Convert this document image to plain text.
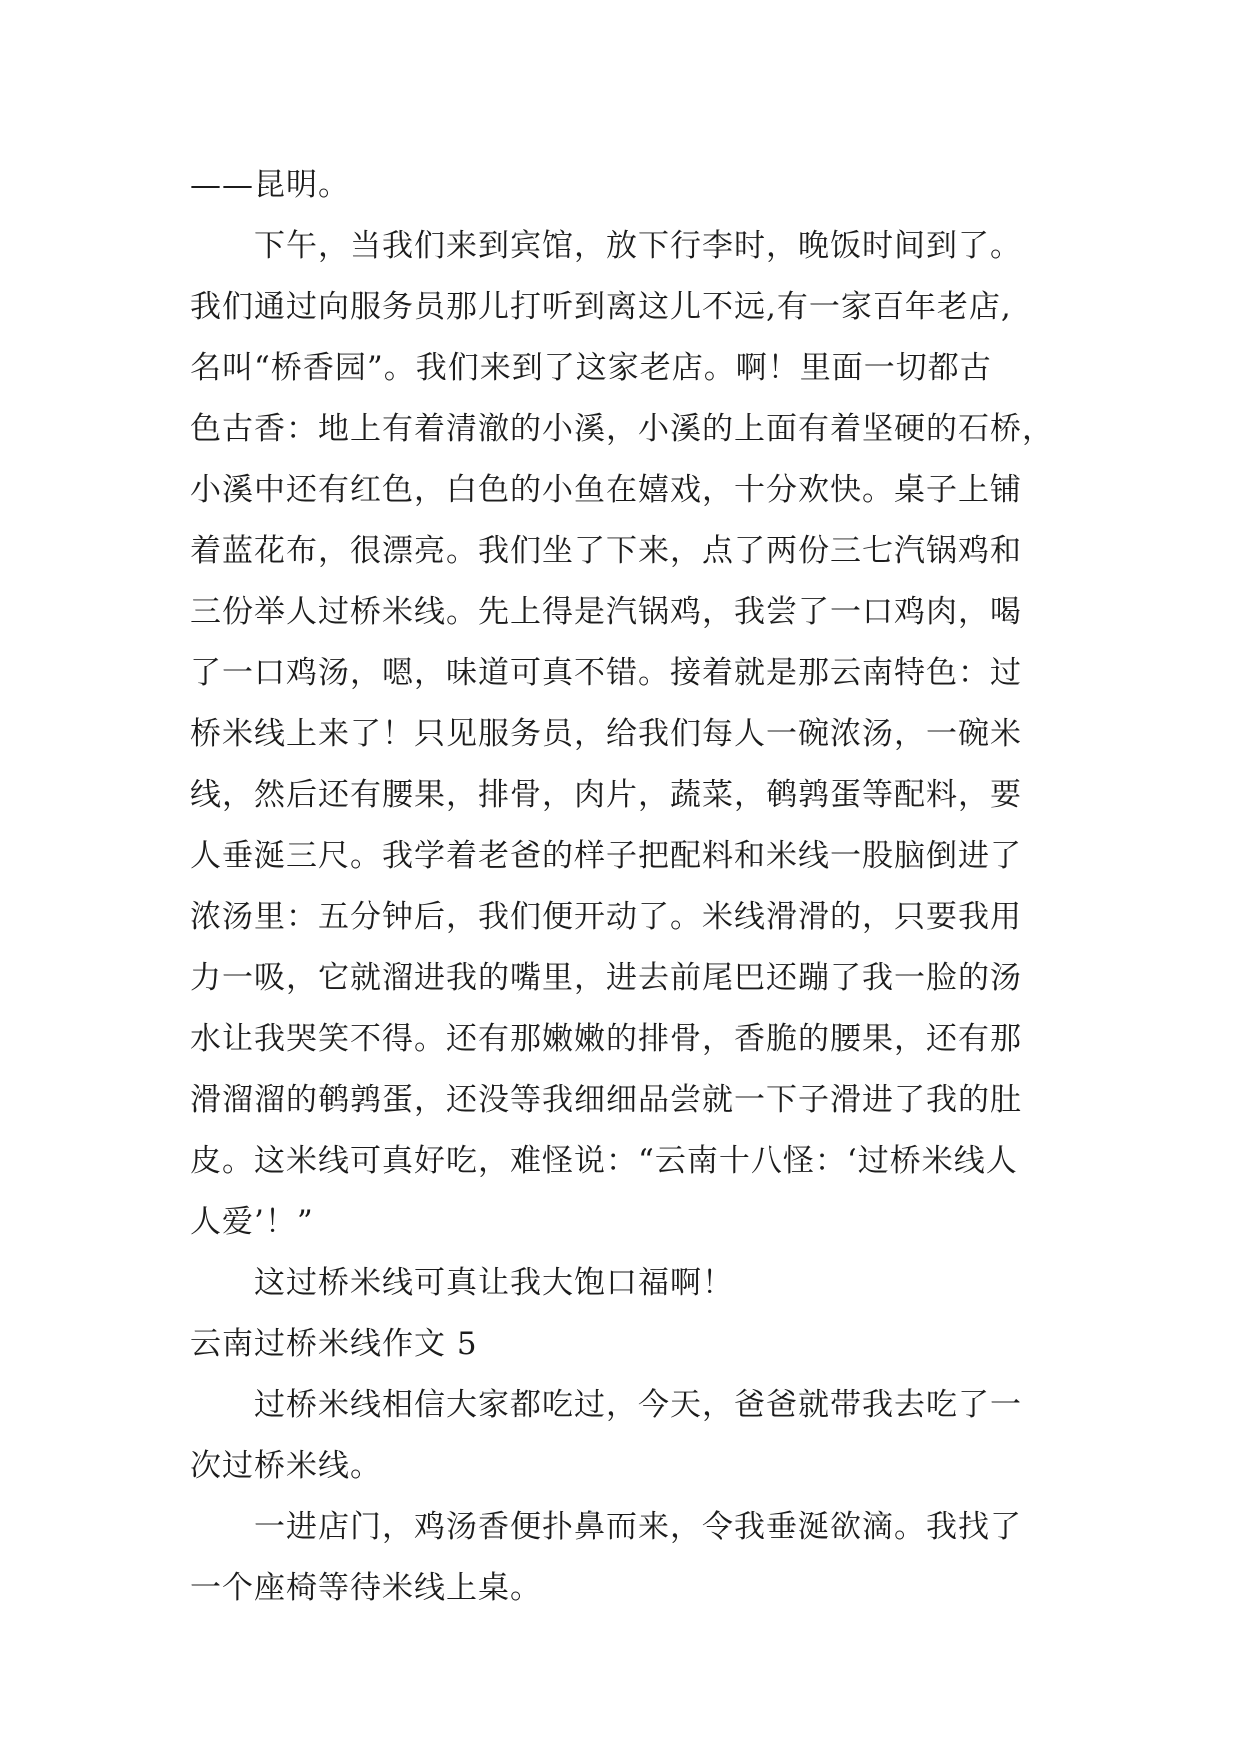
——昆明。
下午，当我们来到宾馆，放下行李时，晚饭时间到了。
我们通过向服务员那儿打听到离这儿不远,有一家百年老店,
名叫“桥香园”。我们来到了这家老店。啊！里面一切都古
色古香：地上有着清澈的小溪，小溪的上面有着坚硬的石桥，
小溪中还有红色，白色的小鱼在嬉戏，十分欢快。桌子上铺
着蓝花布，很漂亮。我们坐了下来，点了两份三七汽锅鸡和
三份举人过桥米线。先上得是汽锅鸡，我尝了一口鸡肉，喝
了一口鸡汤，嗯，味道可真不错。接着就是那云南特色：过
桥米线上来了！只见服务员，给我们每人一碗浓汤，一碗米
线，然后还有腰果，排骨，肉片，蔬菜，鹌鹑蛋等配料，要
人垂涎三尺。我学着老爸的样子把配料和米线一股脑倒进了
浓汤里：五分钟后，我们便开动了。米线滑滑的，只要我用
力一吸，它就溜进我的嘴里，进去前尾巴还蹦了我一脸的汤
水让我哭笑不得。还有那嫩嫩的排骨，香脆的腰果，还有那
滑溜溜的鹌鹑蛋，还没等我细细品尝就一下子滑进了我的肚
皮。这米线可真好吃，难怪说：“云南十八怪：‘过桥米线人
人爱’！”
这过桥米线可真让我大饱口福啊！
云南过桥米线作文 5
过桥米线相信大家都吃过，今天，爸爸就带我去吃了一
次过桥米线。
一进店门，鸡汤香便扑鼻而来，令我垂涎欲滴。我找了
一个座椅等待米线上桌。
